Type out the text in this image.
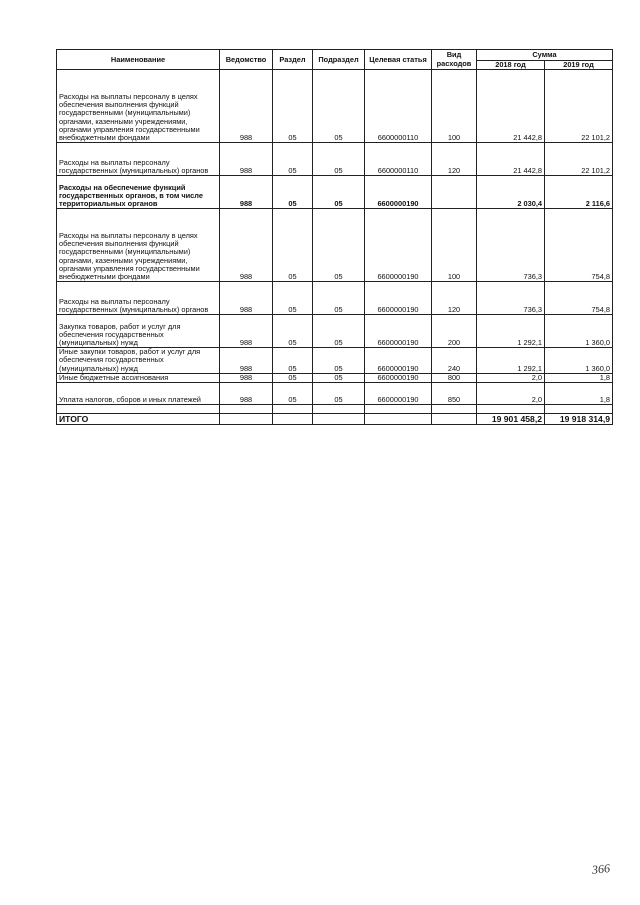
Наименование	Ведомство	Раздел	Подраздел	Целевая статья	Вид расходов	Сумма	
						2018 год	2019 год
Расходы на выплаты персоналу в целях обеспечения выполнения функций государственными (муниципальными) органами, казенными учреждениями, органами управления государственными внебюджетными фондами	988	05	05	6600000110	100	21 442,8	22 101,2
Расходы на выплаты персоналу государственных (муниципальных) органов	988	05	05	6600000110	120	21 442,8	22 101,2
Расходы на обеспечение функций государственных органов, в том числе территориальных органов	988	05	05	6600000190		2 030,4	2 116,6
Расходы на выплаты персоналу в целях обеспечения выполнения функций государственными (муниципальными) органами, казенными учреждениями, органами управления государственными внебюджетными фондами	988	05	05	6600000190	100	736,3	754,8
Расходы на выплаты персоналу государственных (муниципальных) органов	988	05	05	6600000190	120	736,3	754,8
Закупка товаров, работ и услуг для обеспечения государственных (муниципальных) нужд	988	05	05	6600000190	200	1 292,1	1 360,0
Иные закупки товаров, работ и услуг для обеспечения государственных (муниципальных) нужд	988	05	05	6600000190	240	1 292,1	1 360,0
Иные бюджетные ассигнования	988	05	05	6600000190	800	2,0	1,8
Уплата налогов, сборов и иных платежей	988	05	05	6600000190	850	2,0	1,8

ИТОГО						19 901 458,2	19 918 314,9
366
